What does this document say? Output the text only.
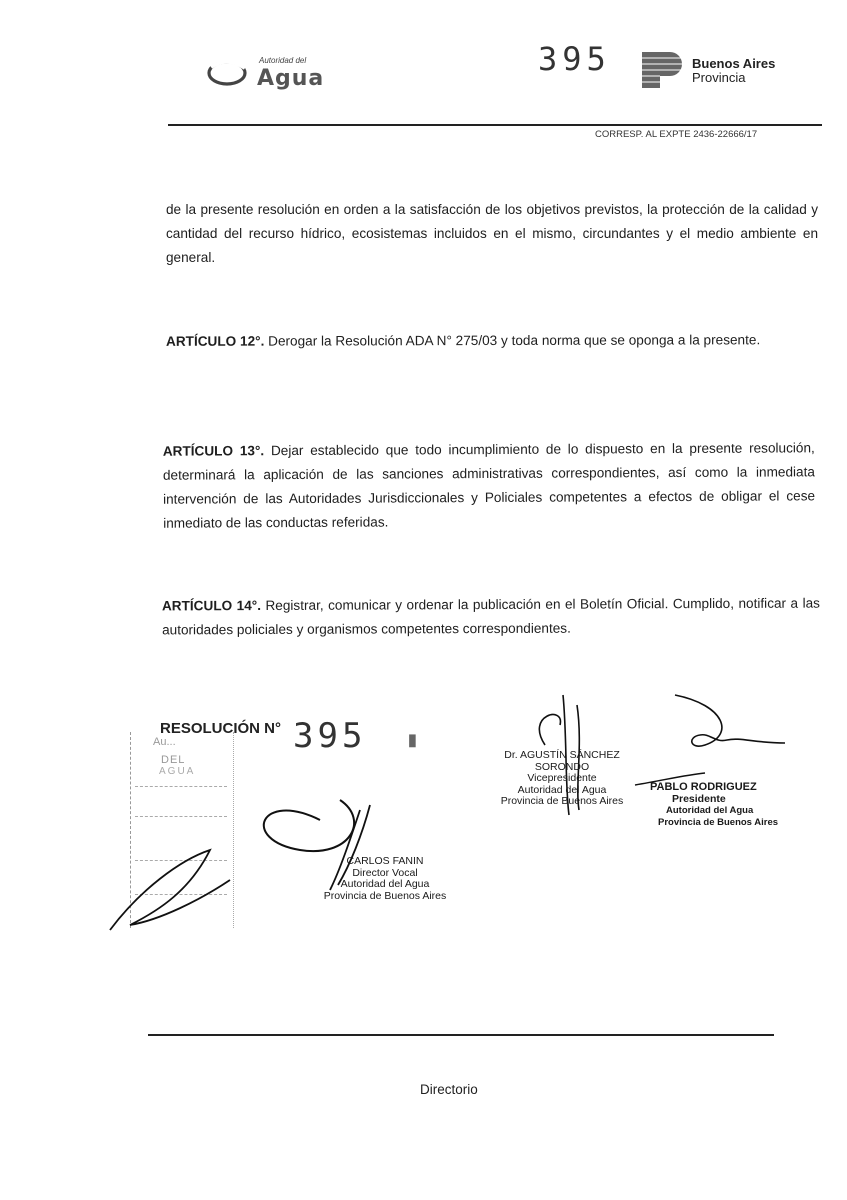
Autoridad del
Agua
395	Buenos Aires
Provincia
CORRESP. AL EXPTE 2436-22666/17
de la presente resolución en orden a la satisfacción de los objetivos previstos, la protección de la calidad y cantidad del recurso hídrico, ecosistemas incluidos en el mismo, circundantes y el medio ambiente en general.
ARTÍCULO 12°. Derogar la Resolución ADA N° 275/03 y toda norma que se oponga a la presente.
ARTÍCULO 13°. Dejar establecido que todo incumplimiento de lo dispuesto en la presente resolución, determinará la aplicación de las sanciones administrativas correspondientes, así como la inmediata intervención de las Autoridades Jurisdiccionales y Policiales competentes a efectos de obligar el cese inmediato de las conductas referidas.
ARTÍCULO 14°. Registrar, comunicar y ordenar la publicación en el Boletín Oficial. Cumplido, notificar a las autoridades policiales y organismos competentes correspondientes.
RESOLUCIÓN N° 395	▮
Au...
DEL
AGUA
CARLOS FANIN
Director Vocal
Autoridad del Agua
Provincia de Buenos Aires
Dr. AGUSTÍN SÁNCHEZ SORONDO
Vicepresidente
Autoridad del Agua
Provincia de Buenos Aires
PABLO RODRIGUEZ
Presidente
Autoridad del Agua
Provincia de Buenos Aires
Directorio
